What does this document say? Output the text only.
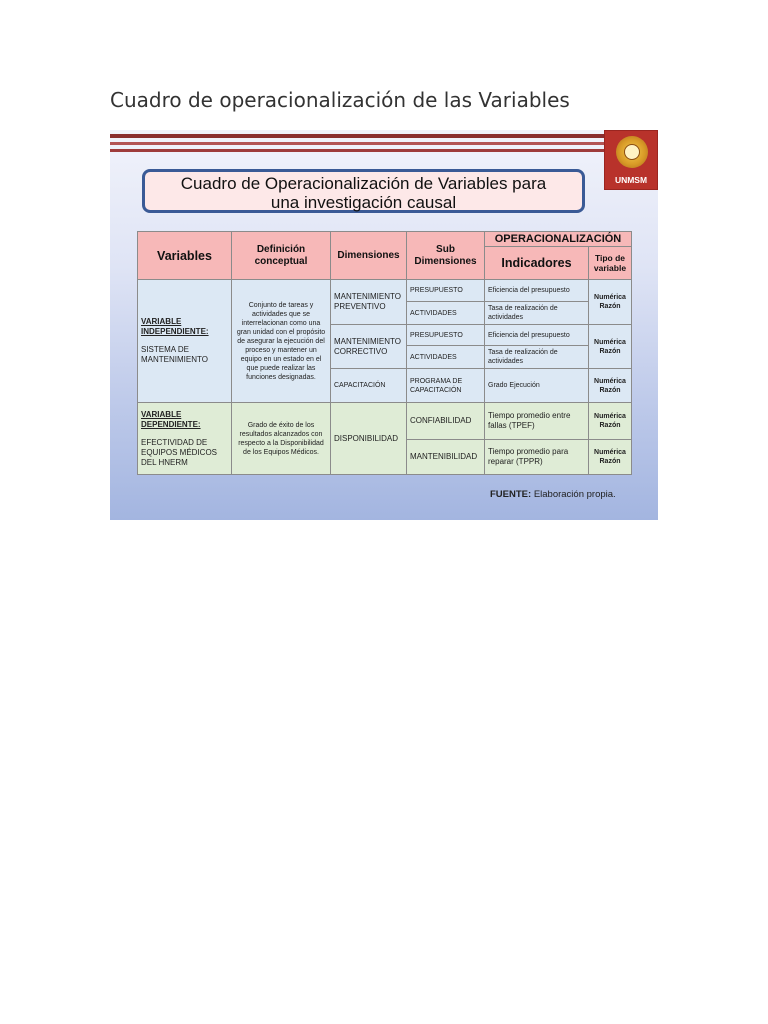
Cuadro de operacionalización de las Variables
UNMSM
Cuadro de Operacionalización de Variables para
una investigación causal
Variables	Definición conceptual	Dimensiones	Sub Dimensiones	OPERACIONALIZACIÓN	
				Indicadores	Tipo de variable

VARIABLE INDEPENDIENTE:
SISTEMA DE MANTENIMIENTO	Conjunto de tareas y actividades que se interrelacionan como una gran unidad con el propósito de asegurar la ejecución del proceso y mantener un equipo en un estado en el que puede realizar las funciones designadas.	MANTENIMIENTO PREVENTIVO	PRESUPUESTO	Eficiencia del presupuesto	Numérica Razón
			ACTIVIDADES	Tasa de realización de actividades	
		MANTENIMIENTO CORRECTIVO	PRESUPUESTO	Eficiencia del presupuesto	Numérica Razón
			ACTIVIDADES	Tasa de realización de actividades	
		CAPACITACIÓN	PROGRAMA DE CAPACITACIÓN	Grado Ejecución	Numérica Razón

VARIABLE DEPENDIENTE:
EFECTIVIDAD DE EQUIPOS MÉDICOS DEL HNERM	Grado de éxito de los resultados alcanzados con respecto a la Disponibilidad de los Equipos Médicos.	DISPONIBILIDAD	CONFIABILIDAD	Tiempo promedio entre fallas (TPEF)	Numérica Razón
			MANTENIBILIDAD	Tiempo promedio para reparar (TPPR)	Numérica Razón
FUENTE: Elaboración propia.
